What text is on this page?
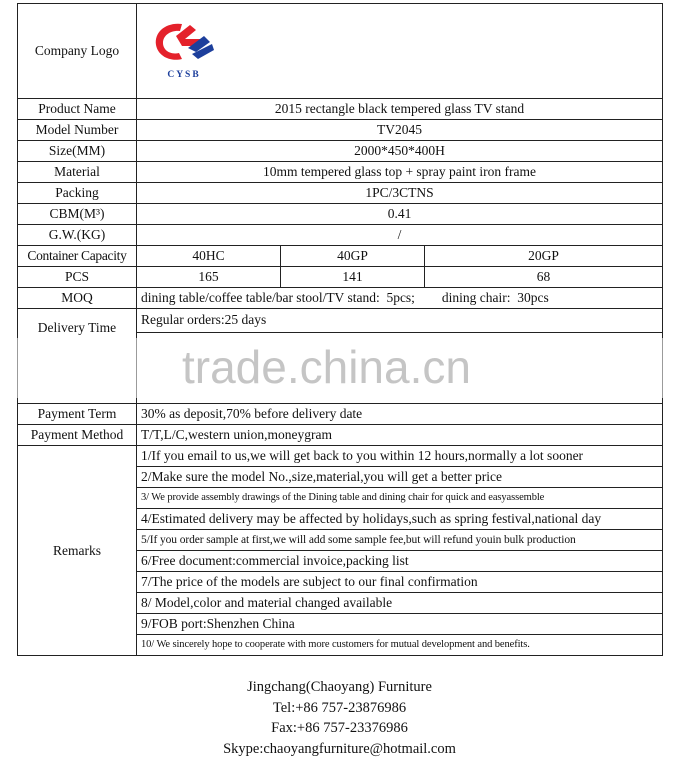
Company Logo	CYSB		

Product Name	2015 rectangle black tempered glass TV stand		
Model Number	TV2045		
Size(MM)	2000*450*400H		
Material	10mm tempered glass top + spray paint iron frame		
Packing	1PC/3CTNS		
CBM(M³)	0.41		
G.W.(KG)	/		
Container Capacity	40HC	40GP	20GP
PCS	165	141	68
MOQ	dining table/coffee table/bar stool/TV stand:  5pcs;        dining chair:  30pcs		
Delivery Time	Regular orders:25 days		

Payment Term	30% as deposit,70% before delivery date		
Payment Method	T/T,L/C,western union,moneygram		
Remarks	1/If you email to us,we will get back to you within 12 hours,normally a lot sooner		
	2/Make sure the model No.,size,material,you will get a better price		
	3/ We provide assembly drawings of the Dining table and dining chair for quick and easyassemble		
	4/Estimated delivery may be affected by holidays,such as spring festival,national day		
	5/If you order sample at first,we will add some sample fee,but will refund youin bulk production		
	6/Free document:commercial invoice,packing list		
	7/The price of the models are subject to our final confirmation		
	8/ Model,color and material changed available		
	9/FOB port:Shenzhen China		
	10/ We sincerely hope to cooperate with more customers for mutual development and benefits.		
trade.china.cn
Jingchang(Chaoyang) Furniture
Tel:+86 757-23876986
Fax:+86 757-23376986
Skype:chaoyangfurniture@hotmail.com
